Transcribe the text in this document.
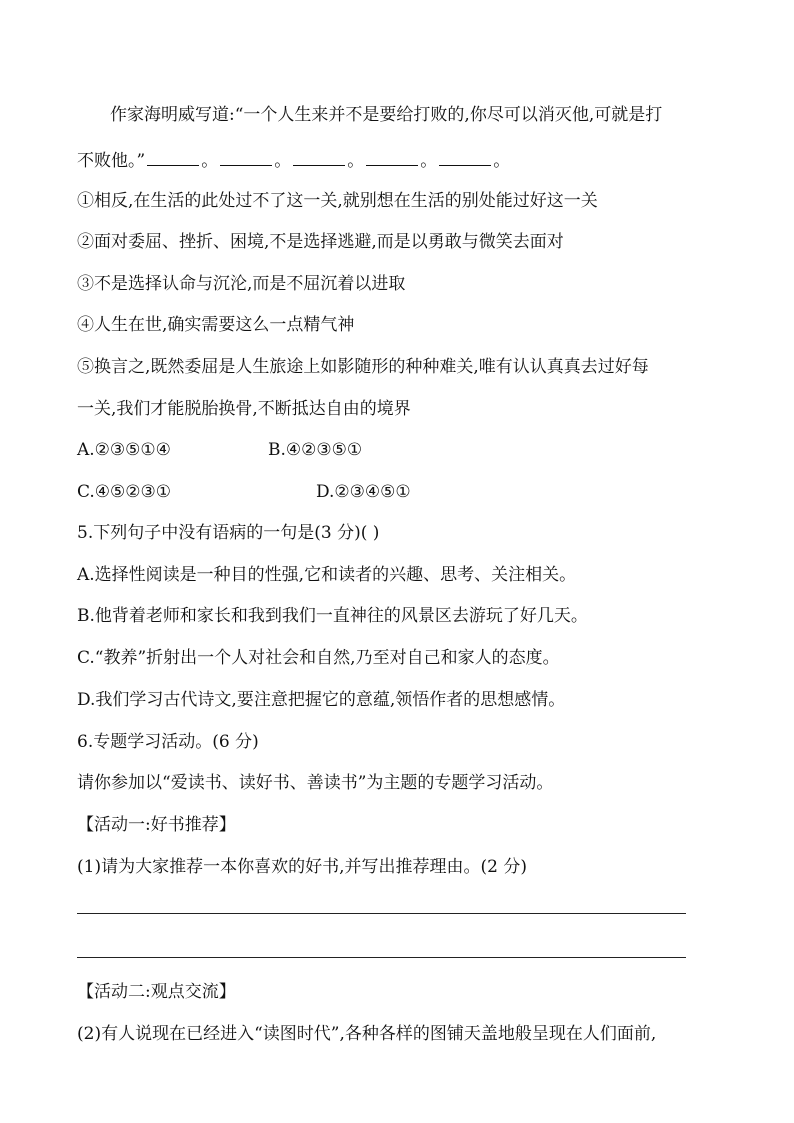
作家海明威写道:“一个人生来并不是要给打败的,你尽可以消灭他,可就是打
不败他。”	。	。	。	。	。
①相反,在生活的此处过不了这一关,就别想在生活的别处能过好这一关
②面对委屈、挫折、困境,不是选择逃避,而是以勇敢与微笑去面对
③不是选择认命与沉沦,而是不屈沉着以进取
④人生在世,确实需要这么一点精气神
⑤换言之,既然委屈是人生旅途上如影随形的种种难关,唯有认认真真去过好每
一关,我们才能脱胎换骨,不断抵达自由的境界
A.②③⑤①④	B.④②③⑤①
C.④⑤②③①	D.②③④⑤①
5.下列句子中没有语病的一句是(3 分)( )
A.选择性阅读是一种目的性强,它和读者的兴趣、思考、关注相关。
B.他背着老师和家长和我到我们一直神往的风景区去游玩了好几天。
C.“教养”折射出一个人对社会和自然,乃至对自己和家人的态度。
D.我们学习古代诗文,要注意把握它的意蕴,领悟作者的思想感情。
6.专题学习活动。(6 分)
请你参加以“爱读书、读好书、善读书”为主题的专题学习活动。
【活动一:好书推荐】
(1)请为大家推荐一本你喜欢的好书,并写出推荐理由。(2 分)
【活动二:观点交流】
(2)有人说现在已经进入“读图时代”,各种各样的图铺天盖地般呈现在人们面前,
